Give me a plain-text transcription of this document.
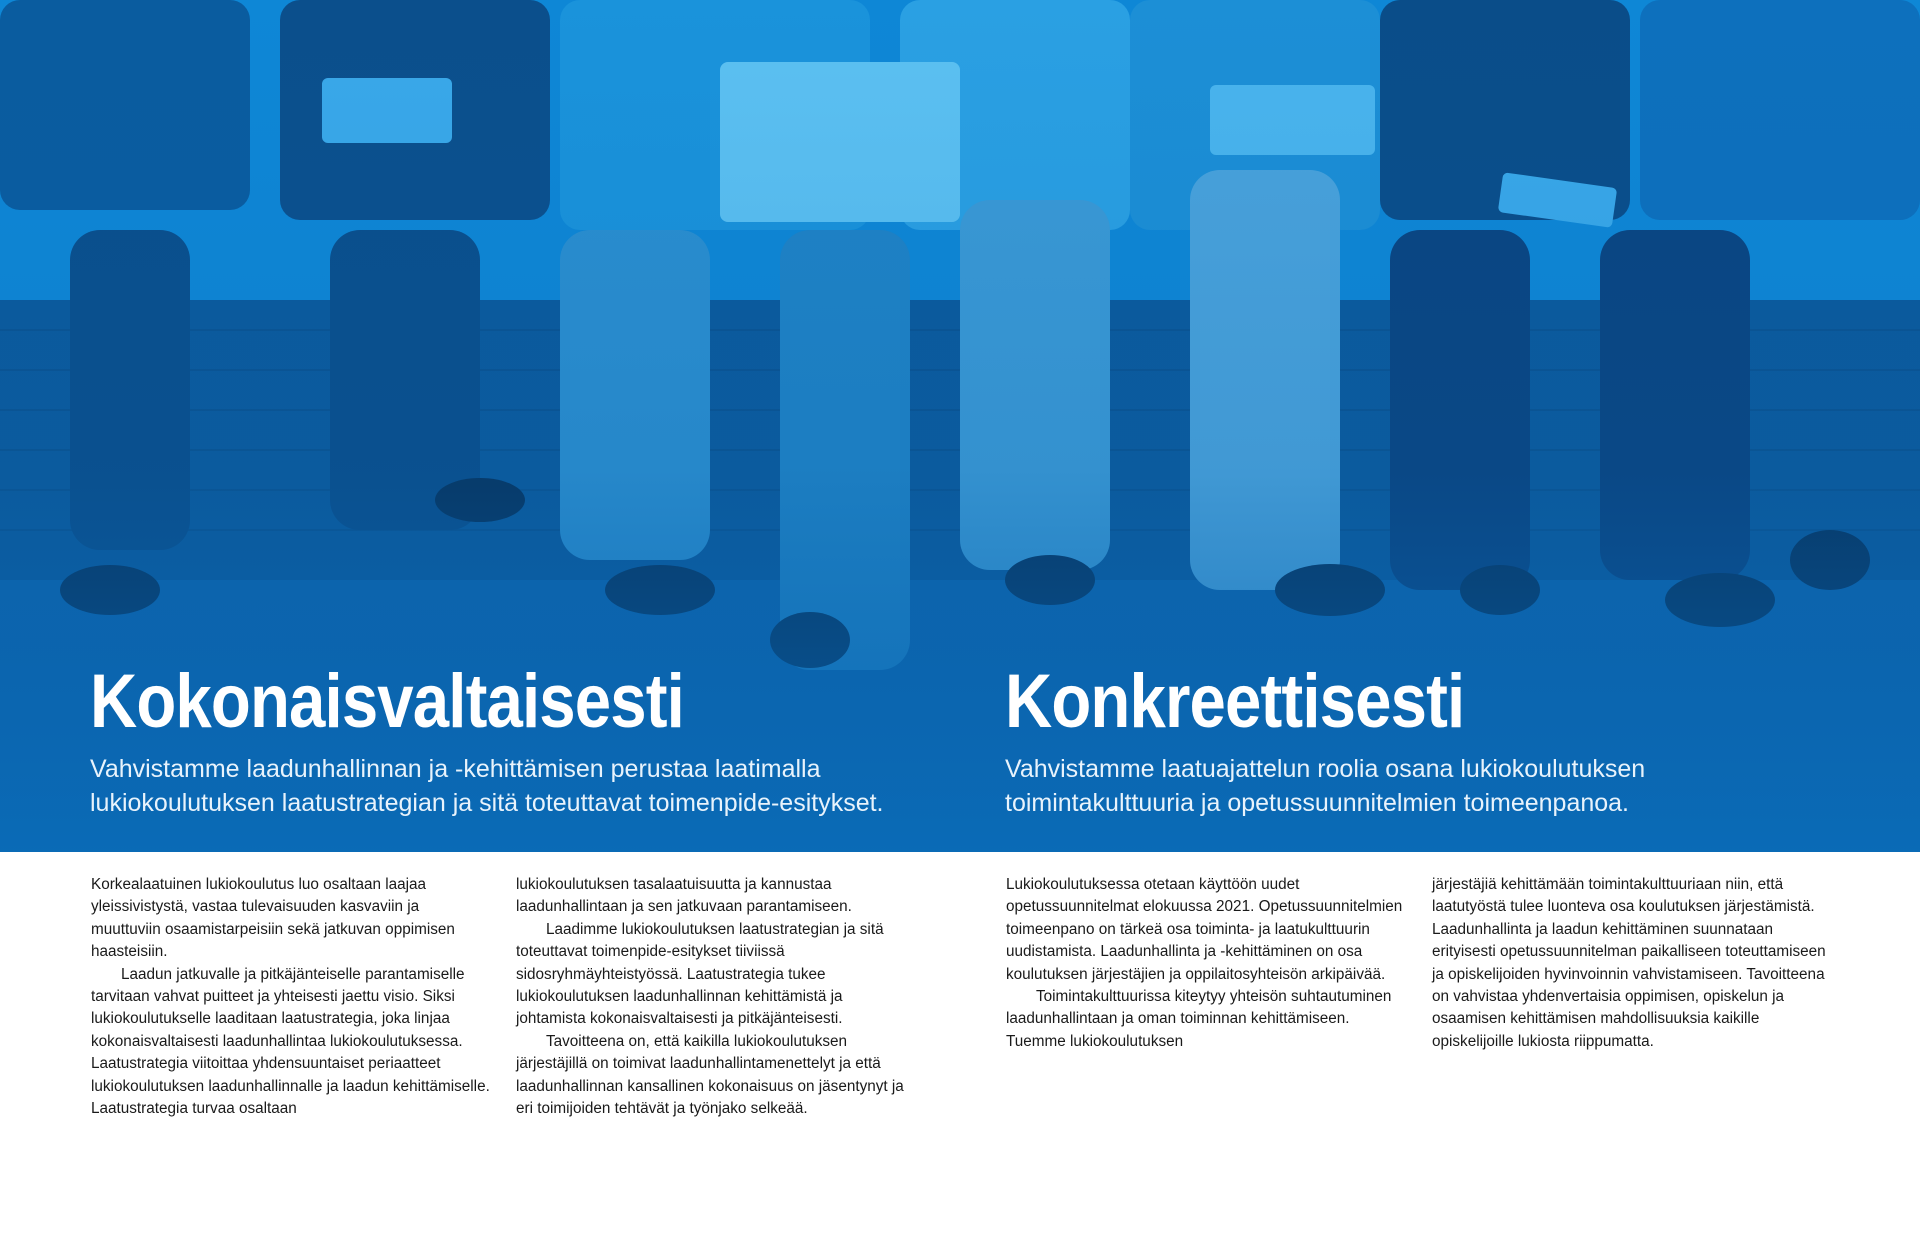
Kokonaisvaltaisesti

Vahvistamme laadunhallinnan ja -kehittämisen perustaa laatimalla
lukiokoulutuksen laatustrategian ja sitä toteuttavat toimenpide-esitykset.

Konkreettisesti

Vahvistamme laatuajattelun roolia osana lukiokoulutuksen
toimintakulttuuria ja opetussuunnitelmien toimeenpanoa.

Korkealaatuinen lukiokoulutus luo osaltaan laajaa yleissivistystä, vastaa tulevaisuuden kasvaviin ja muuttuviin osaamistarpeisiin sekä jatkuvan oppimisen haasteisiin.

Laadun jatkuvalle ja pitkäjänteiselle parantamiselle tarvitaan vahvat puitteet ja yhteisesti jaettu visio. Siksi lukiokoulutukselle laaditaan laatustrategia, joka linjaa kokonaisvaltaisesti laadunhallintaa lukiokoulutuksessa. Laatustrategia viitoittaa yhdensuuntaiset periaatteet lukiokoulutuksen laadunhallinnalle ja laadun kehittämiselle. Laatustrategia turvaa osaltaan

lukiokoulutuksen tasalaatuisuutta ja kannustaa laadunhallintaan ja sen jatkuvaan parantamiseen.

Laadimme lukiokoulutuksen laatustrategian ja sitä toteuttavat toimenpide-esitykset tiiviissä sidosryhmäyhteistyössä. Laatustrategia tukee lukiokoulutuksen laadunhallinnan kehittämistä ja johtamista kokonaisvaltaisesti ja pitkäjänteisesti.

Tavoitteena on, että kaikilla lukiokoulutuksen järjestäjillä on toimivat laadunhallintamenettelyt ja että laadunhallinnan kansallinen kokonaisuus on jäsentynyt ja eri toimijoiden tehtävät ja työnjako selkeää.

Lukiokoulutuksessa otetaan käyttöön uudet opetussuunnitelmat elokuussa 2021. Opetussuunnitelmien toimeenpano on tärkeä osa toiminta- ja laatukulttuurin uudistamista. Laadunhallinta ja -kehittäminen on osa koulutuksen järjestäjien ja oppilaitosyhteisön arkipäivää.

Toimintakulttuurissa kiteytyy yhteisön suhtautuminen laadunhallintaan ja oman toiminnan kehittämiseen. Tuemme lukiokoulutuksen

järjestäjiä kehittämään toimintakulttuuriaan niin, että laatutyöstä tulee luonteva osa koulutuksen järjestämistä. Laadunhallinta ja laadun kehittäminen suunnataan erityisesti opetussuunnitelman paikalliseen toteuttamiseen ja opiskelijoiden hyvinvoinnin vahvistamiseen. Tavoitteena on vahvistaa yhdenvertaisia oppimisen, opiskelun ja osaamisen kehittämisen mahdollisuuksia kaikille opiskelijoille lukiosta riippumatta.
